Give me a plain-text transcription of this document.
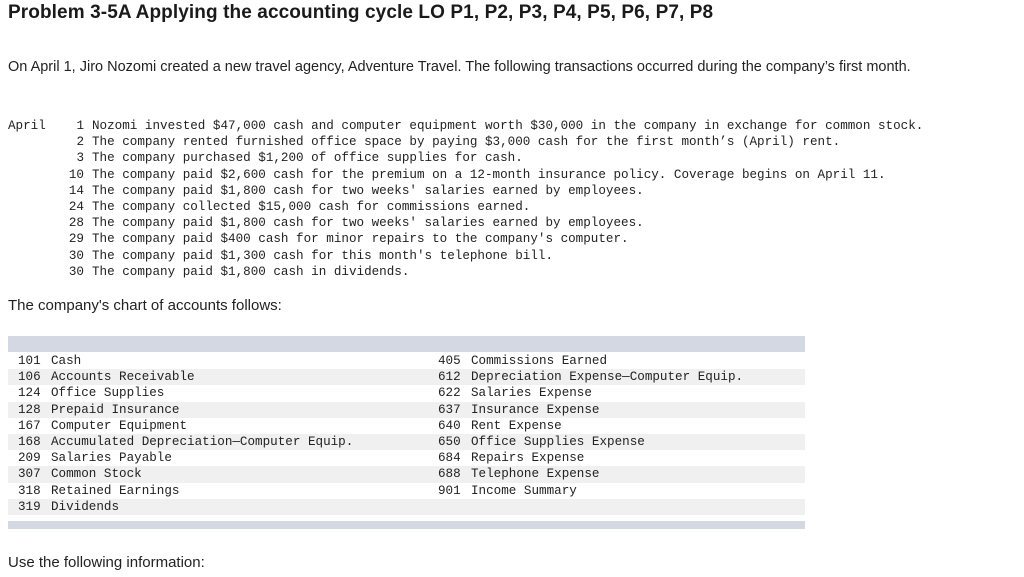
Problem 3-5A Applying the accounting cycle LO P1, P2, P3, P4, P5, P6, P7, P8
On April 1, Jiro Nozomi created a new travel agency, Adventure Travel. The following transactions occurred during the company’s first month.
April	1 Nozomi invested $47,000 cash and computer equipment worth $30,000 in the company in exchange for common stock.
2 The company rented furnished office space by paying $3,000 cash for the first month’s (April) rent.
3 The company purchased $1,200 of office supplies for cash.
10 The company paid $2,600 cash for the premium on a 12-month insurance policy. Coverage begins on April 11.
14 The company paid $1,800 cash for two weeks' salaries earned by employees.
24 The company collected $15,000 cash for commissions earned.
28 The company paid $1,800 cash for two weeks' salaries earned by employees.
29 The company paid $400 cash for minor repairs to the company's computer.
30 The company paid $1,300 cash for this month's telephone bill.
30 The company paid $1,800 cash in dividends.
The company's chart of accounts follows:
101 Cash	405 Commissions Earned
106 Accounts Receivable	612 Depreciation Expense—Computer Equip.
124 Office Supplies	622 Salaries Expense
128 Prepaid Insurance	637 Insurance Expense
167 Computer Equipment	640 Rent Expense
168 Accumulated Depreciation—Computer Equip.	650 Office Supplies Expense
209 Salaries Payable	684 Repairs Expense
307 Common Stock	688 Telephone Expense
318 Retained Earnings	901 Income Summary
319 Dividends
Use the following information:
